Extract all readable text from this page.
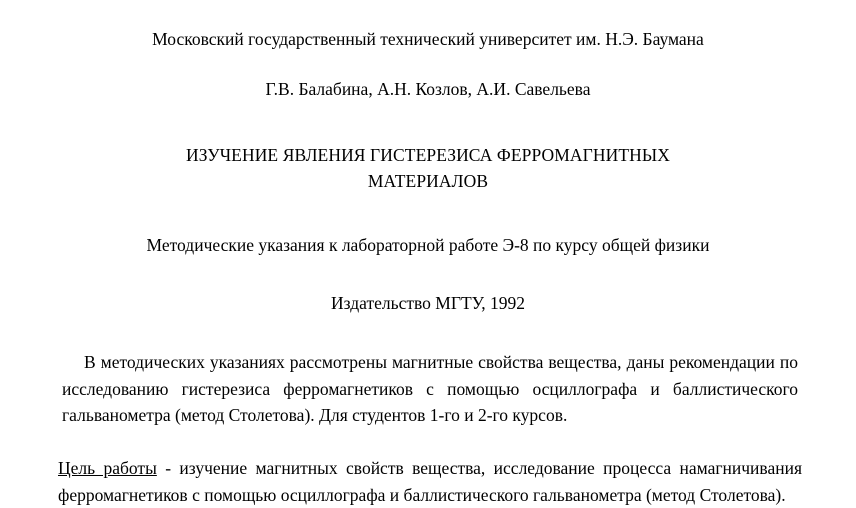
Московский государственный технический университет им. Н.Э. Баумана
Г.В. Балабина, А.Н. Козлов, А.И. Савельева
ИЗУЧЕНИЕ ЯВЛЕНИЯ ГИСТЕРЕЗИСА ФЕРРОМАГНИТНЫХ
МАТЕРИАЛОВ
Методические указания к лабораторной работе Э-8 по курсу общей физики
Издательство МГТУ, 1992
В методических указаниях рассмотрены магнитные свойства вещества, даны рекомендации по исследованию гистерезиса ферромагнетиков с помощью осциллографа и баллистического гальванометра (метод Столетова). Для студентов 1-го и 2-го курсов.
Цель работы - изучение магнитных свойств вещества, исследование процесса намагничивания ферромагнетиков с помощью осциллографа и баллистического гальванометра (метод Столетова).
